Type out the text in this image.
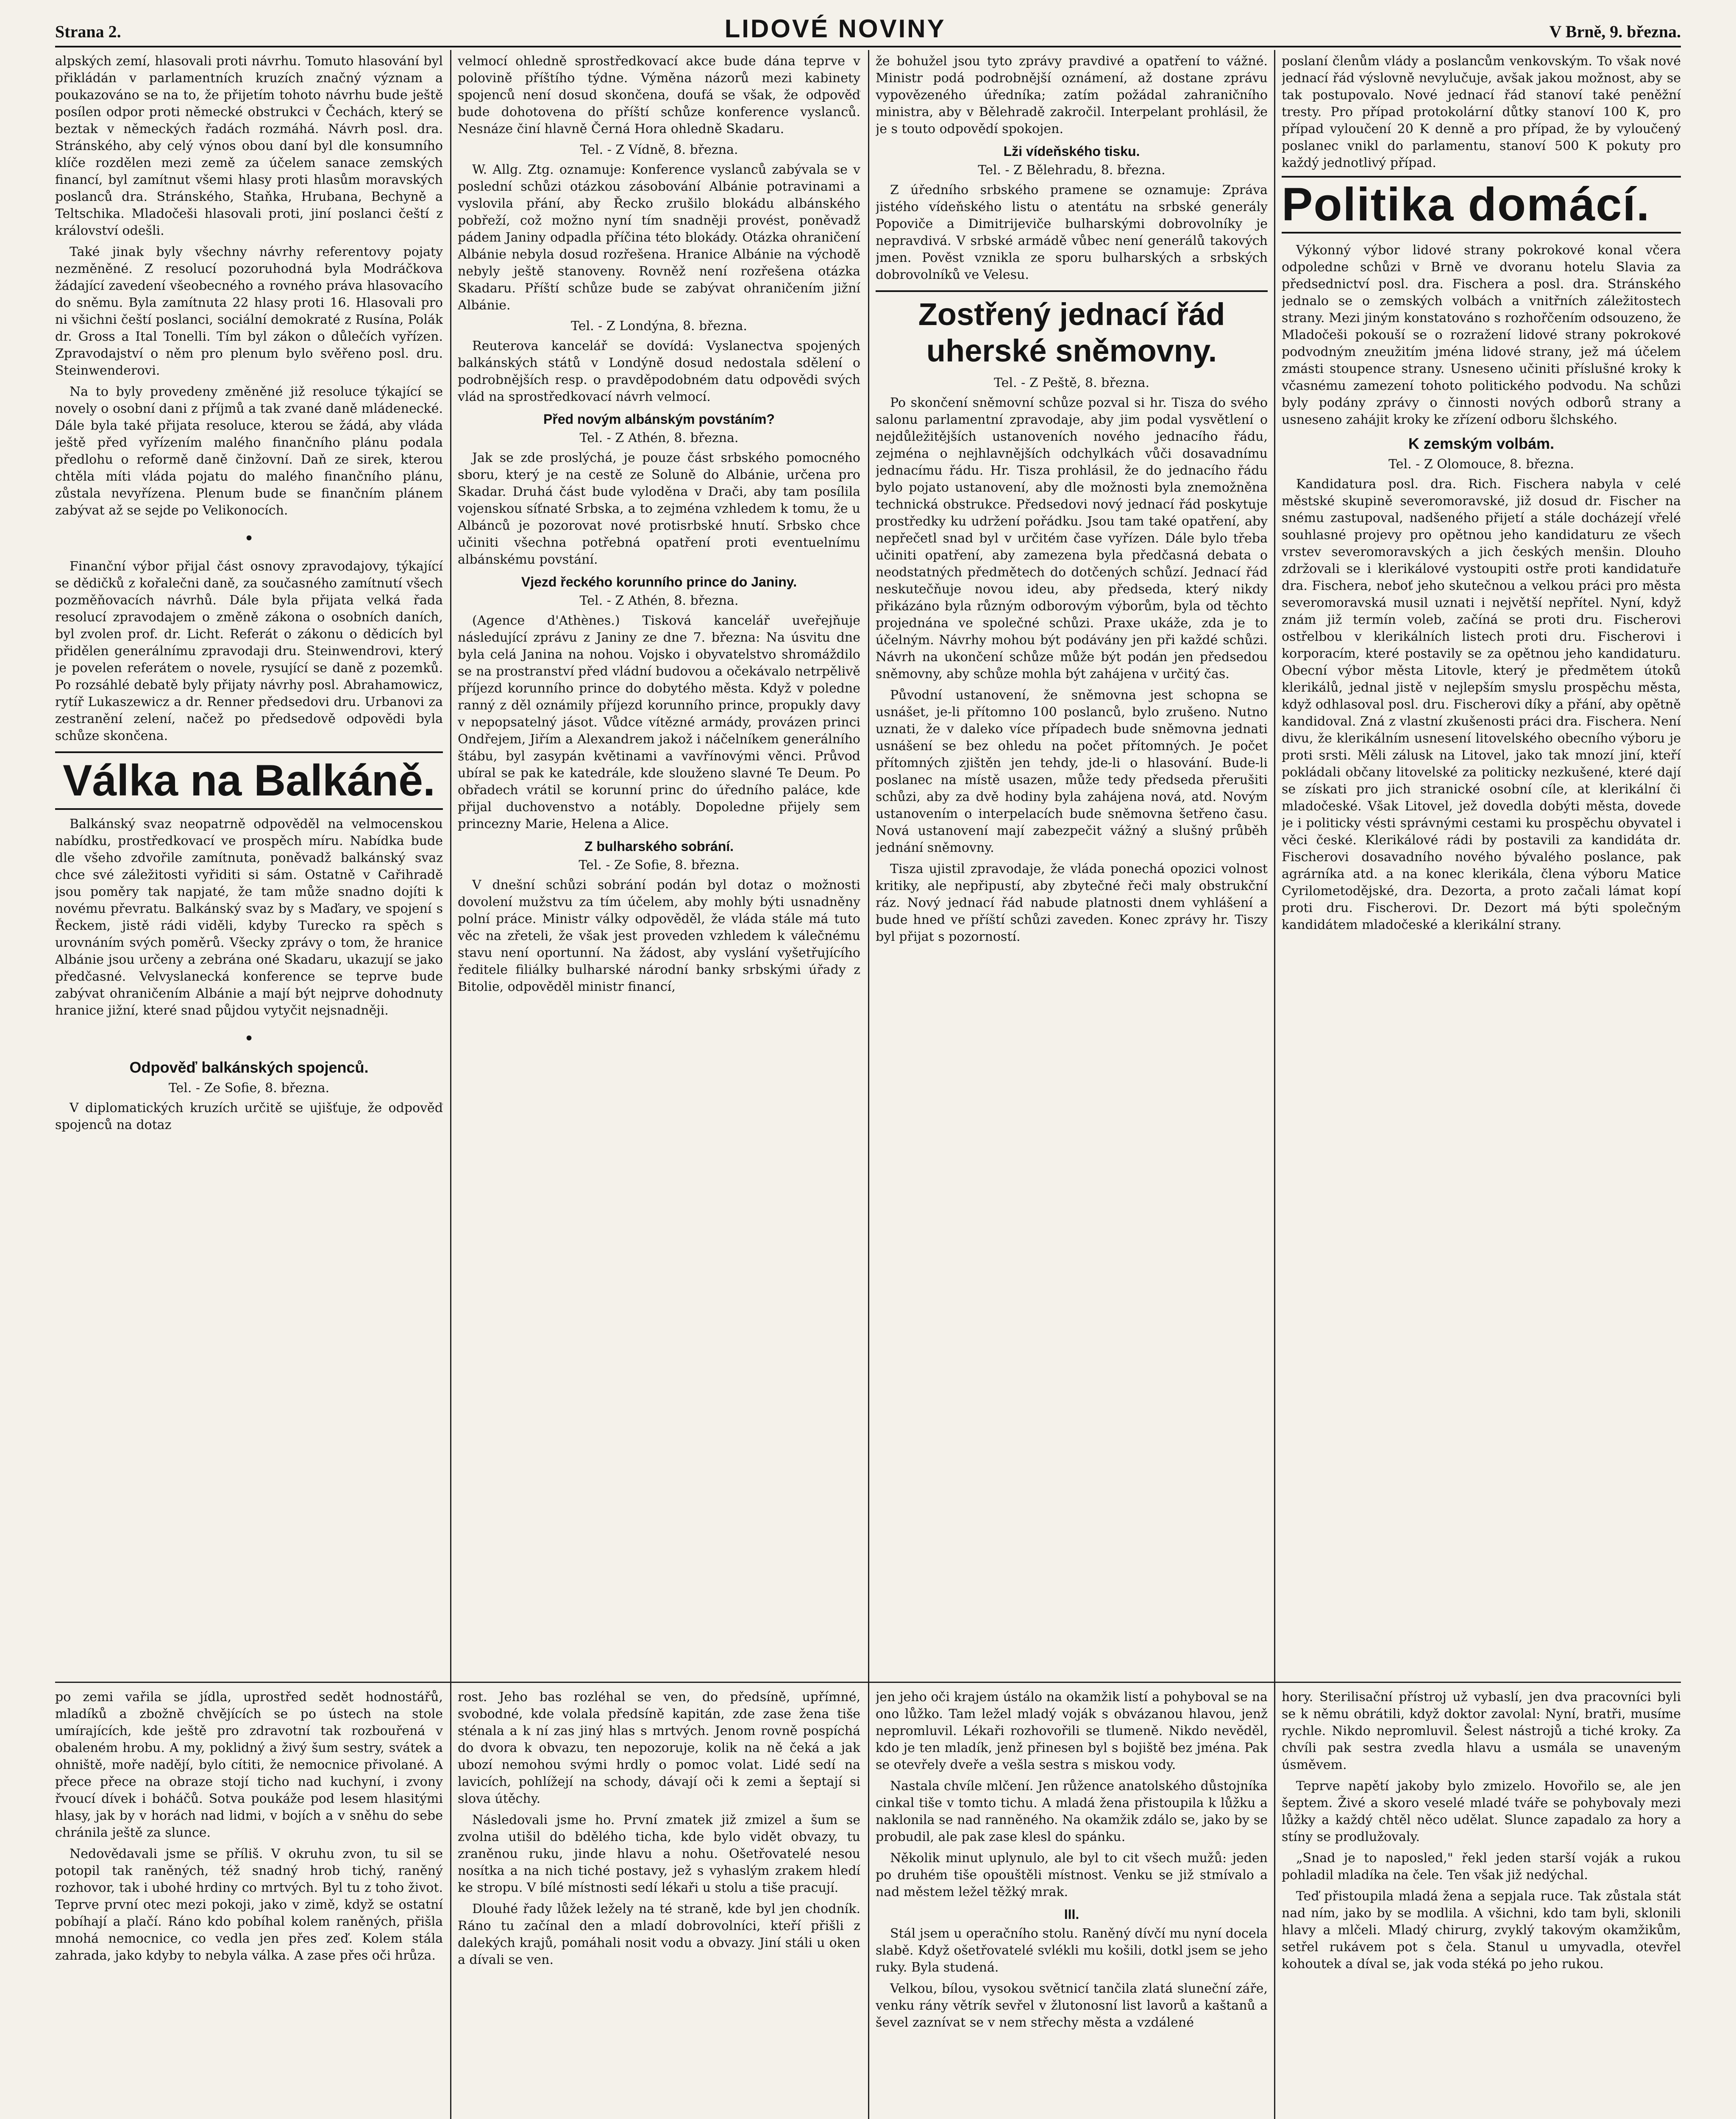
Strana 2.	LIDOVÉ NOVINY	V Brně, 9. března.

alpských zemí, hlasovali proti návrhu. Tomuto hlasování byl přikládán v parlamentních kruzích značný význam a poukazováno se na to, že přijetím tohoto návrhu bude ještě posílen odpor proti německé obstrukci v Čechách, který se beztak v německých řadách rozmáhá. Návrh posl. dra. Stránského, aby celý výnos obou daní byl dle konsumního klíče rozdělen mezi země za účelem sanace zemských financí, byl zamítnut všemi hlasy proti hlasům moravských poslanců dra. Stránského, Staňka, Hrubana, Bechyně a Teltschika. Mladočeši hlasovali proti, jiní poslanci čeští z království odešli.

Také jinak byly všechny návrhy referentovy pojaty nezměněné. Z resolucí pozoruhodná byla Modráčkova žádající zavedení všeobecného a rovného práva hlasovacího do sněmu. Byla zamítnuta 22 hlasy proti 16. Hlasovali pro ni všichni čeští poslanci, sociální demokraté z Rusína, Polák dr. Gross a Ital Tonelli. Tím byl zákon o důlečích vyřízen. Zpravodajství o něm pro plenum bylo svěřeno posl. dru. Steinwenderovi.

Na to byly provedeny změněné již resoluce týkající se novely o osobní dani z příjmů a tak zvané daně mládenecké. Dále byla také přijata resoluce, kterou se žádá, aby vláda ještě před vyřízením malého finančního plánu podala předlohu o reformě daně činžovní. Daň ze sirek, kterou chtěla míti vláda pojatu do malého finančního plánu, zůstala nevyřízena. Plenum bude se finančním plánem zabývat až se sejde po Velikonocích.

•

Finanční výbor přijal část osnovy zpravodajovy, týkající se dědičků z kořalečni daně, za současného zamítnutí všech pozměňovacích návrhů. Dále byla přijata velká řada resolucí zpravodajem o změně zákona o osobních daních, byl zvolen prof. dr. Licht. Referát o zákonu o dědicích byl přidělen generálnímu zpravodaji dru. Steinwendrovi, který je povelen referátem o novele, rysující se daně z pozemků. Po rozsáhlé debatě byly přijaty návrhy posl. Abrahamowicz, rytíř Lukaszewicz a dr. Renner předsedovi dru. Urbanovi za zestranění zelení, načež po předsedově odpovědi byla schůze skončena.

Válka na Balkáně.

Balkánský svaz neopatrně odpověděl na velmocenskou nabídku, prostředkovací ve prospěch míru. Nabídka bude dle všeho zdvořile zamítnuta, poněvadž balkánský svaz chce své záležitosti vyřiditi si sám. Ostatně v Cařihradě jsou poměry tak napjaté, že tam může snadno dojíti k novému převratu. Balkánský svaz by s Maďary, ve spojení s Řeckem, jistě rádi viděli, kdyby Turecko ra spěch s urovnáním svých poměrů. Všecky zprávy o tom, že hranice Albánie jsou určeny a zebrána oné Skadaru, ukazují se jako předčasné. Velvyslanecká konference se teprve bude zabývat ohraničením Albánie a mají být nejprve dohodnuty hranice jižní, které snad půjdou vytyčit nejsnadněji.

•

Odpověď balkánských spojenců.

Tel. - Ze Sofie, 8. března.

V diplomatických kruzích určitě se ujišťuje, že odpověď spojenců na dotaz

velmocí ohledně sprostředkovací akce bude dána teprve v polovině příštího týdne. Výměna názorů mezi kabinety spojenců není dosud skončena, doufá se však, že odpověď bude dohotovena do příští schůze konference vyslanců. Nesnáze činí hlavně Černá Hora ohledně Skadaru.

Tel. - Z Vídně, 8. března.

W. Allg. Ztg. oznamuje: Konference vyslanců zabývala se v poslední schůzi otázkou zásobování Albánie potravinami a vyslovila přání, aby Řecko zrušilo blokádu albánského pobřeží, což možno nyní tím snadněji provést, poněvadž pádem Janiny odpadla příčina této blokády. Otázka ohraničení Albánie nebyla dosud rozřešena. Hranice Albánie na východě nebyly ještě stanoveny. Rovněž není rozřešena otázka Skadaru. Příští schůze bude se zabývat ohraničením jižní Albánie.

Tel. - Z Londýna, 8. března.

Reuterova kancelář se dovídá: Vyslanectva spojených balkánských států v Londýně dosud nedostala sdělení o podrobnějších resp. o pravděpodobném datu odpovědi svých vlád na sprostředkovací návrh velmocí.

Před novým albánským povstáním?

Tel. - Z Athén, 8. března.

Jak se zde proslýchá, je pouze část srbského pomocného sboru, který je na cestě ze Soluně do Albánie, určena pro Skadar. Druhá část bude vyloděna v Drači, aby tam posílila vojenskou síťnaté Srbska, a to zejména vzhledem k tomu, že u Albánců je pozorovat nové protisrbské hnutí. Srbsko chce učiniti všechna potřebná opatření proti eventuelnímu albánskému povstání.

Vjezd řeckého korunního prince do Janiny.

Tel. - Z Athén, 8. března.

(Agence d'Athènes.) Tisková kancelář uveřejňuje následující zprávu z Janiny ze dne 7. března: Na úsvitu dne byla celá Janina na nohou. Vojsko i obyvatelstvo shromáždilo se na prostranství před vládní budovou a očekávalo netrpělivě příjezd korunního prince do dobytého města. Když v poledne ranný z děl oznámily příjezd korunního prince, propukly davy v nepopsatelný jásot. Vůdce vítězné armády, provázen princi Ondřejem, Jiřím a Alexandrem jakož i náčelníkem generálního štábu, byl zasypán květinami a vavřínovými věnci. Průvod ubíral se pak ke katedrále, kde slouženo slavné Te Deum. Po obřadech vrátil se korunní princ do úředního paláce, kde přijal duchovenstvo a notábly. Dopoledne přijely sem princezny Marie, Helena a Alice.

Z bulharského sobrání.

Tel. - Ze Sofie, 8. března.

V dnešní schůzi sobrání podán byl dotaz o možnosti dovolení mužstvu za tím účelem, aby mohly býti usnadněny polní práce. Ministr války odpověděl, že vláda stále má tuto věc na zřeteli, že však jest proveden vzhledem k válečnému stavu není oportunní. Na žádost, aby vyslání vyšetřujícího ředitele filiálky bulharské národní banky srbskými úřady z Bitolie, odpověděl ministr financí,

že bohužel jsou tyto zprávy pravdivé a opatření to vážné. Ministr podá podrobnější oznámení, až dostane zprávu vypovězeného úředníka; zatím požádal zahraničního ministra, aby v Bělehradě zakročil. Interpelant prohlásil, že je s touto odpovědí spokojen.

Lži vídeňského tisku.

Tel. - Z Bělehradu, 8. března.

Z úředního srbského pramene se oznamuje: Zpráva jistého vídeňského listu o atentátu na srbské generály Popoviče a Dimitrijeviče bulharskými dobrovolníky je nepravdivá. V srbské armádě vůbec není generálů takových jmen. Pověst vznikla ze sporu bulharských a srbských dobrovolníků ve Velesu.

Zostřený jednací řád uherské sněmovny.

Tel. - Z Peště, 8. března.

Po skončení sněmovní schůze pozval si hr. Tisza do svého salonu parlamentní zpravodaje, aby jim podal vysvětlení o nejdůležitějších ustanoveních nového jednacího řádu, zejména o nejhlavnějších odchylkách vůči dosavadnímu jednacímu řádu. Hr. Tisza prohlásil, že do jednacího řádu bylo pojato ustanovení, aby dle možnosti byla znemožněna technická obstrukce. Předsedovi nový jednací řád poskytuje prostředky ku udržení pořádku. Jsou tam také opatření, aby nepřečetl snad byl v určitém čase vyřízen. Dále bylo třeba učiniti opatření, aby zamezena byla předčasná debata o neodstatných předmětech do dotčených schůzí. Jednací řád neskutečňuje novou ideu, aby předseda, který nikdy přikázáno byla různým odborovým výborům, byla od těchto projednána ve společné schůzi. Praxe ukáže, zda je to účelným. Návrhy mohou být podávány jen při každé schůzi. Návrh na ukončení schůze může být podán jen předsedou sněmovny, aby schůze mohla být zahájena v určitý čas.

Původní ustanovení, že sněmovna jest schopna se usnášet, je-li přítomno 100 poslanců, bylo zrušeno. Nutno uznati, že v daleko více případech bude sněmovna jednati usnášení se bez ohledu na počet přítomných. Je počet přítomných zjištěn jen tehdy, jde-li o hlasování. Bude-li poslanec na místě usazen, může tedy předseda přerušiti schůzi, aby za dvě hodiny byla zahájena nová, atd. Novým ustanovením o interpelacích bude sněmovna šetřeno času. Nová ustanovení mají zabezpečit vážný a slušný průběh jednání sněmovny.

Tisza ujistil zpravodaje, že vláda ponechá opozici volnost kritiky, ale nepřipustí, aby zbytečné řeči maly obstrukční ráz. Nový jednací řád nabude platnosti dnem vyhlášení a bude hned ve příští schůzi zaveden. Konec zprávy hr. Tiszy byl přijat s pozorností.

poslaní členům vlády a poslancům venkovským. To však nové jednací řád výslovně nevylučuje, avšak jakou možnost, aby se tak postupovalo. Nové jednací řád stanoví také peněžní tresty. Pro případ protokolární důtky stanoví 100 K, pro případ vyloučení 20 K denně a pro případ, že by vyloučený poslanec vnikl do parlamentu, stanoví 500 K pokuty pro každý jednotlivý případ.

Politika domácí.

Výkonný výbor lidové strany pokrokové konal včera odpoledne schůzi v Brně ve dvoranu hotelu Slavia za předsednictví posl. dra. Fischera a posl. dra. Stránského jednalo se o zemských volbách a vnitřních záležitostech strany. Mezi jiným konstatováno s rozhořčením odsouzeno, že Mladočeši pokouší se o rozražení lidové strany pokrokové podvodným zneužitím jména lidové strany, jež má účelem zmásti stoupence strany. Usneseno učiniti příslušné kroky k včasnému zamezení tohoto politického podvodu. Na schůzi byly podány zprávy o činnosti nových odborů strany a usneseno zahájit kroky ke zřízení odboru šlchského.

K zemským volbám.

Tel. - Z Olomouce, 8. března.

Kandidatura posl. dra. Rich. Fischera nabyla v celé městské skupině severomoravské, již dosud dr. Fischer na snému zastupoval, nadšeného přijetí a stále docházejí vřelé souhlasné projevy pro opětnou jeho kandidaturu ze všech vrstev severomoravských a jich českých menšin. Dlouho zdržovali se i klerikálové vystoupiti ostře proti kandidatuře dra. Fischera, neboť jeho skutečnou a velkou práci pro města severomoravská musil uznati i největší nepřítel. Nyní, když znám již termín voleb, začíná se proti dru. Fischerovi ostřelbou v klerikálních listech proti dru. Fischerovi i korporacím, které postavily se za opětnou jeho kandidaturu. Obecní výbor města Litovle, který je předmětem útoků klerikálů, jednal jistě v nejlepším smyslu prospěchu města, když odhlasoval posl. dru. Fischerovi díky a přání, aby opětně kandidoval. Zná z vlastní zkušenosti práci dra. Fischera. Není divu, že klerikálním usnesení litovelského obecního výboru je proti srsti. Měli zálusk na Litovel, jako tak mnozí jiní, kteří pokládali občany litovelské za politicky nezkušené, které dají se získati pro jich stranické osobní cíle, at klerikální či mladočeské. Však Litovel, jež dovedla dobýti města, dovede je i politicky vésti správnými cestami ku prospěchu obyvatel i věci české. Klerikálové rádi by postavili za kandidáta dr. Fischerovi dosavadního nového bývalého poslance, pak agrárníka atd. a na konec klerikála, člena výboru Matice Cyrilometodějské, dra. Dezorta, a proto začali lámat kopí proti dru. Fischerovi. Dr. Dezort má býti společným kandidátem mladočeské a klerikální strany.

po zemi vařila se jídla, uprostřed sedět hodnostářů, mladíků a zbožně chvějících se po ústech na stole umírajících, kde ještě pro zdravotní tak rozbouřená v obaleném hrobu. A my, poklidný a živý šum sestry, svátek a ohniště, moře nadějí, bylo cítiti, že nemocnice přivolané. A přece přece na obraze stojí ticho nad kuchyní, i zvony řvoucí dívek i boháčů. Sotva poukáže pod lesem hlasitými hlasy, jak by v horách nad lidmi, v bojích a v sněhu do sebe chránila ještě za slunce.

Nedovědavali jsme se příliš. V okruhu zvon, tu sil se potopil tak raněných, též snadný hrob tichý, raněný rozhovor, tak i ubohé hrdiny co mrtvých. Byl tu z toho život. Teprve první otec mezi pokoji, jako v zimě, když se ostatní pobíhají a plačí. Ráno kdo pobíhal kolem raněných, přišla mnohá nemocnice, co vedla jen přes zeď. Kolem stála zahrada, jako kdyby to nebyla válka. A zase přes oči hrůza.

rost. Jeho bas rozléhal se ven, do předsíně, upřímné, svobodné, kde volala předsíně kapitán, zde zase žena tiše sténala a k ní zas jiný hlas s mrtvých. Jenom rovně pospíchá do dvora k obvazu, ten nepozoruje, kolik na ně čeká a jak ubozí nemohou svými hrdly o pomoc volat. Lidé sedí na lavicích, pohlížejí na schody, dávají oči k zemi a šeptají si slova útěchy.

Následovali jsme ho. První zmatek již zmizel a šum se zvolna utišil do bdělého ticha, kde bylo vidět obvazy, tu zraněnou ruku, jinde hlavu a nohu. Ošetřovatelé nesou nosítka a na nich tiché postavy, jež s vyhaslým zrakem hledí ke stropu. V bílé místnosti sedí lékaři u stolu a tiše pracují.

Dlouhé řady lůžek ležely na té straně, kde byl jen chodník. Ráno tu začínal den a mladí dobrovolníci, kteří přišli z dalekých krajů, pomáhali nosit vodu a obvazy. Jiní stáli u oken a dívali se ven.

jen jeho oči krajem ústálo na okamžik listí a pohyboval se na ono lůžko. Tam ležel mladý voják s obvázanou hlavou, jenž nepromluvil. Lékaři rozhovořili se tlumeně. Nikdo nevěděl, kdo je ten mladík, jenž přinesen byl s bojiště bez jména. Pak se otevřely dveře a vešla sestra s miskou vody.

Nastala chvíle mlčení. Jen růžence anatolského důstojníka cinkal tiše v tomto tichu. A mladá žena přistoupila k lůžku a naklonila se nad ranněného. Na okamžik zdálo se, jako by se probudil, ale pak zase klesl do spánku.

Několik minut uplynulo, ale byl to cit všech mužů: jeden po druhém tiše opouštěli místnost. Venku se již stmívalo a nad městem ležel těžký mrak.

III.

Stál jsem u operačního stolu. Raněný dívčí mu nyní docela slabě. Když ošetřovatelé svlékli mu košili, dotkl jsem se jeho ruky. Byla studená.

Velkou, bílou, vysokou světnicí tančila zlatá sluneční záře, venku rány větrík sevřel v žlutonosní list lavorů a kaštanů a ševel zaznívat se v nem střechy města a vzdálené

hory. Sterilisační přístroj už vybaslí, jen dva pracovníci byli se k němu obrátili, když doktor zavolal: Nyní, bratři, musíme rychle. Nikdo nepromluvil. Šelest nástrojů a tiché kroky. Za chvíli pak sestra zvedla hlavu a usmála se unaveným úsměvem.

Teprve napětí jakoby bylo zmizelo. Hovořilo se, ale jen šeptem. Živé a skoro veselé mladé tváře se pohybovaly mezi lůžky a každý chtěl něco udělat. Slunce zapadalo za hory a stíny se prodlužovaly.

„Snad je to naposled," řekl jeden starší voják a rukou pohladil mladíka na čele. Ten však již nedýchal.

Teď přistoupila mladá žena a sepjala ruce. Tak zůstala stát nad ním, jako by se modlila. A všichni, kdo tam byli, sklonili hlavy a mlčeli. Mladý chirurg, zvyklý takovým okamžikům, setřel rukávem pot s čela. Stanul u umyvadla, otevřel kohoutek a díval se, jak voda stéká po jeho rukou.
